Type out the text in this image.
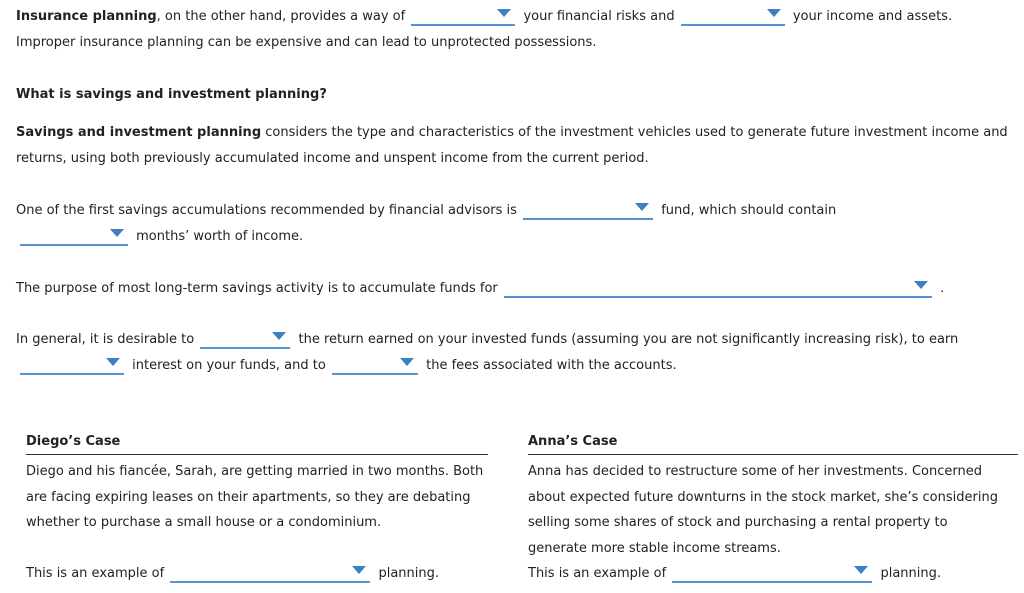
Insurance planning, on the other hand, provides a way of	your financial risks and	your income and assets.
Improper insurance planning can be expensive and can lead to unprotected possessions.
What is savings and investment planning?
Savings and investment planning considers the type and characteristics of the investment vehicles used to generate future investment income and
returns, using both previously accumulated income and unspent income from the current period.
One of the first savings accumulations recommended by financial advisors is	fund, which should contain
months’ worth of income.
The purpose of most long-term savings activity is to accumulate funds for	.
In general, it is desirable to	the return earned on your invested funds (assuming you are not significantly increasing risk), to earn
interest on your funds, and to	the fees associated with the accounts.
Diego’s Case
Diego and his fiancée, Sarah, are getting married in two months. Both
are facing expiring leases on their apartments, so they are debating
whether to purchase a small house or a condominium.
This is an example of	planning.
Anna’s Case
Anna has decided to restructure some of her investments. Concerned
about expected future downturns in the stock market, she’s considering
selling some shares of stock and purchasing a rental property to
generate more stable income streams.
This is an example of	planning.
